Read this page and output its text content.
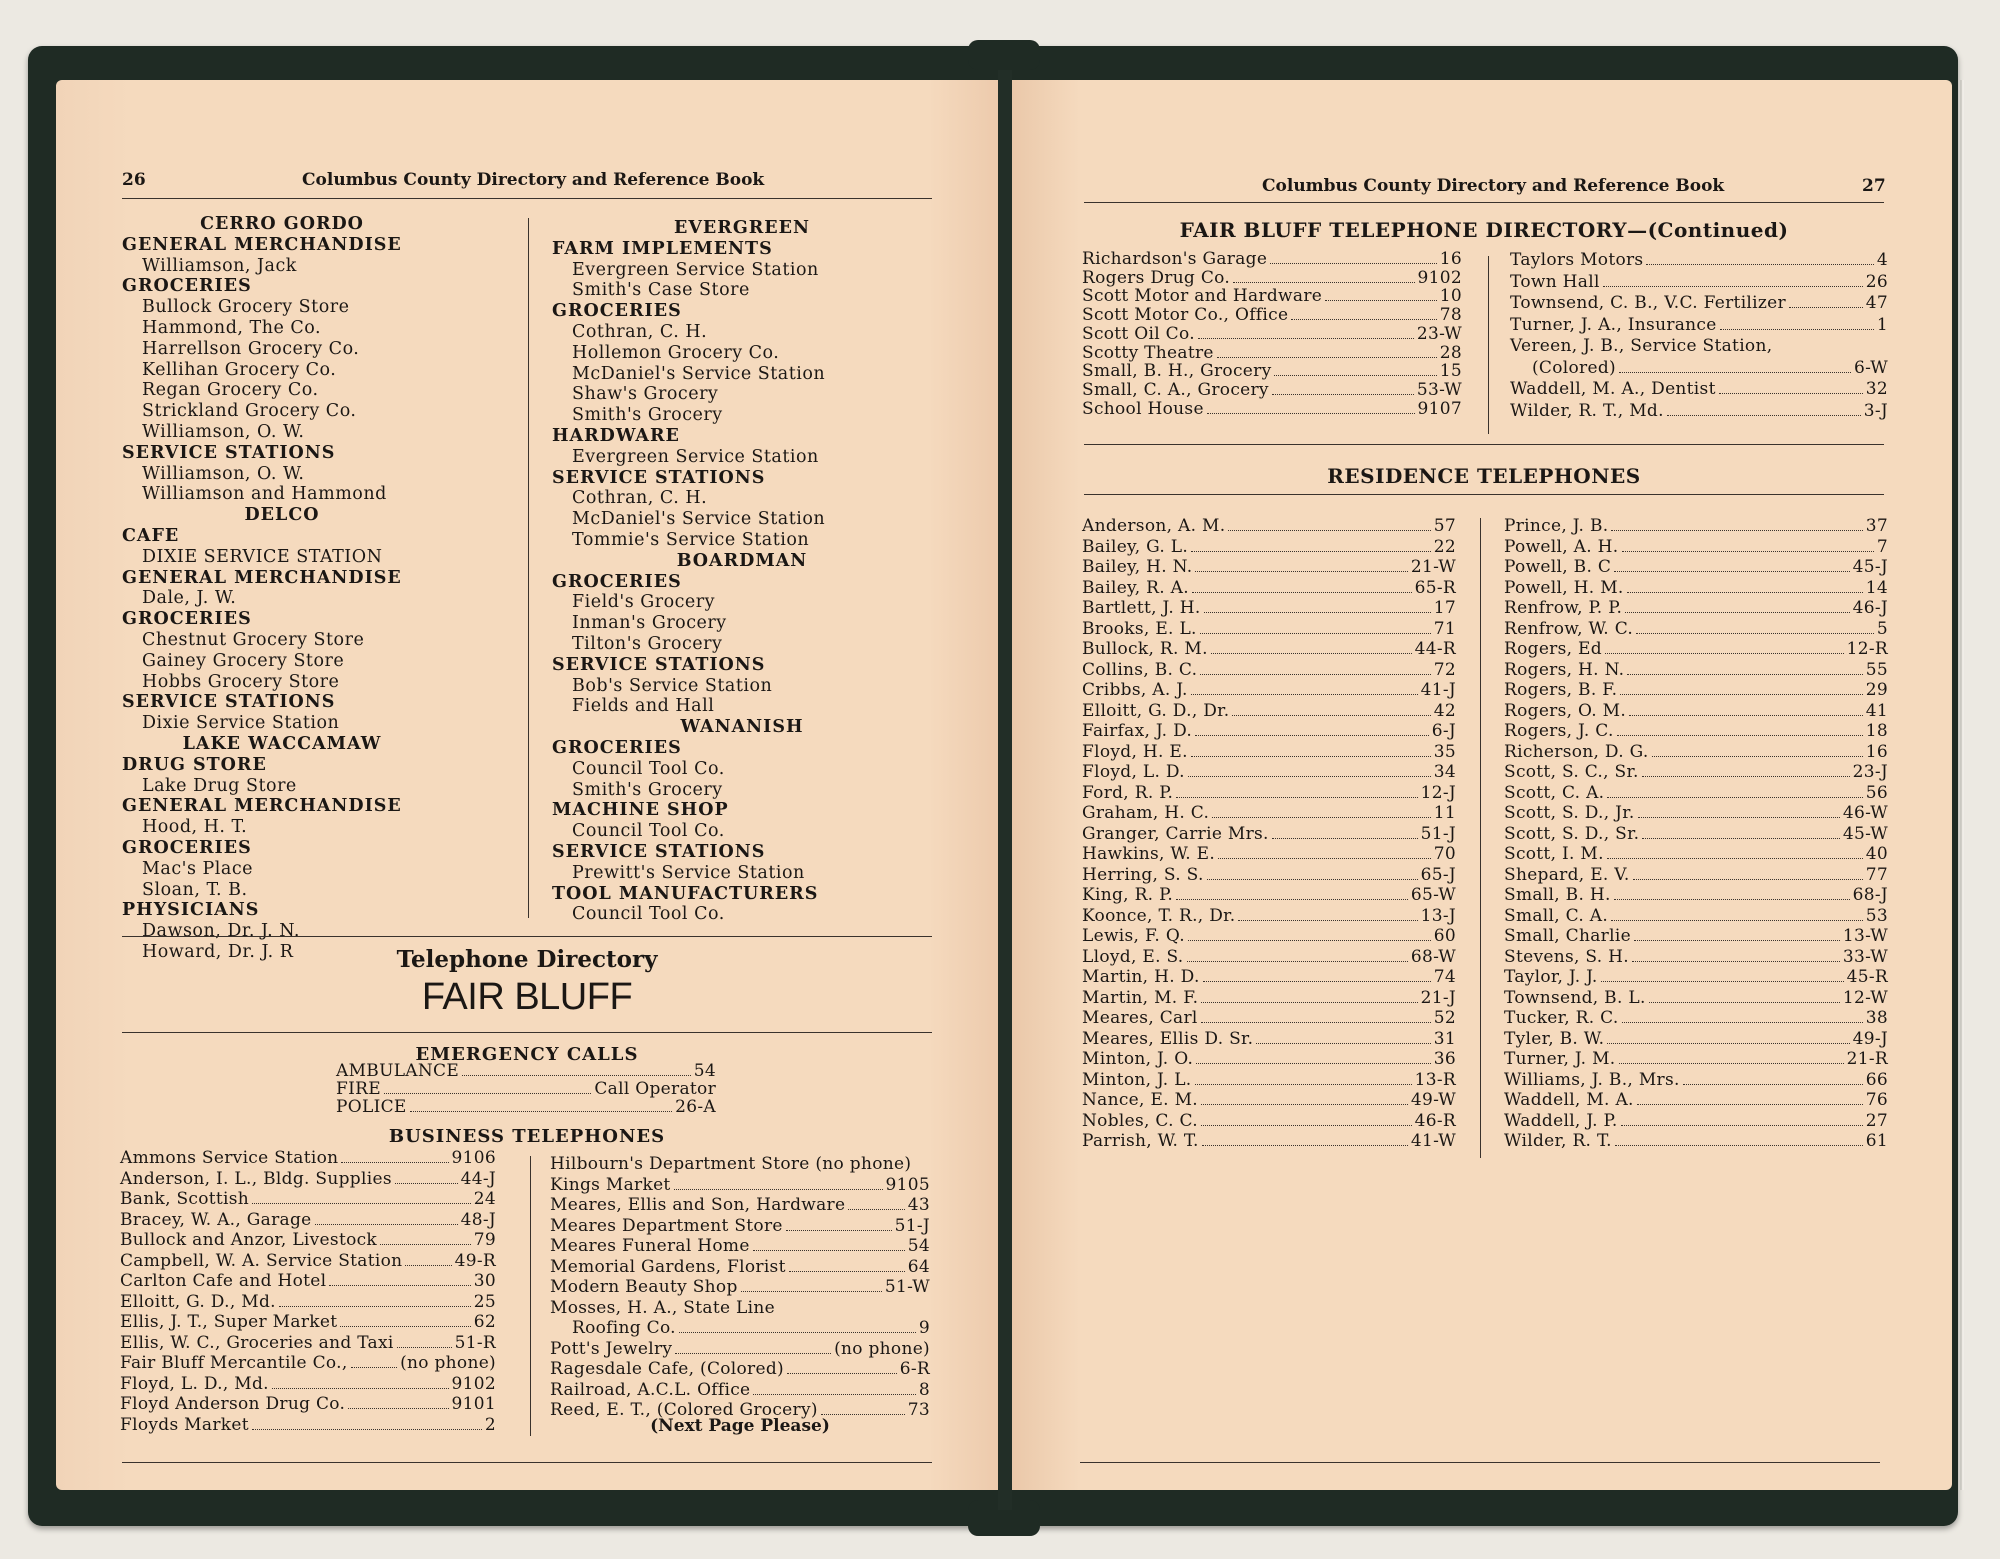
26	Columbus County Directory and Reference Book
CERRO GORDO
GENERAL MERCHANDISE
Williamson, Jack
GROCERIES
Bullock Grocery Store
Hammond, The Co.
Harrellson Grocery Co.
Kellihan Grocery Co.
Regan Grocery Co.
Strickland Grocery Co.
Williamson, O. W.
SERVICE STATIONS
Williamson, O. W.
Williamson and Hammond
DELCO
CAFE
DIXIE SERVICE STATION
GENERAL MERCHANDISE
Dale, J. W.
GROCERIES
Chestnut Grocery Store
Gainey Grocery Store
Hobbs Grocery Store
SERVICE STATIONS
Dixie Service Station
LAKE WACCAMAW
DRUG STORE
Lake Drug Store
GENERAL MERCHANDISE
Hood, H. T.
GROCERIES
Mac's Place
Sloan, T. B.
PHYSICIANS
Dawson, Dr. J. N.
Howard, Dr. J. R
EVERGREEN
FARM IMPLEMENTS
Evergreen Service Station
Smith's Case Store
GROCERIES
Cothran, C. H.
Hollemon Grocery Co.
McDaniel's Service Station
Shaw's Grocery
Smith's Grocery
HARDWARE
Evergreen Service Station
SERVICE STATIONS
Cothran, C. H.
McDaniel's Service Station
Tommie's Service Station
BOARDMAN
GROCERIES
Field's Grocery
Inman's Grocery
Tilton's Grocery
SERVICE STATIONS
Bob's Service Station
Fields and Hall
WANANISH
GROCERIES
Council Tool Co.
Smith's Grocery
MACHINE SHOP
Council Tool Co.
SERVICE STATIONS
Prewitt's Service Station
TOOL MANUFACTURERS
Council Tool Co.
Telephone Directory
FAIR BLUFF
EMERGENCY CALLS
AMBULANCE	54
FIRE	Call Operator
POLICE	26-A
BUSINESS TELEPHONES
Ammons Service Station	9106
Anderson, I. L., Bldg. Supplies	44-J
Bank, Scottish	24
Bracey, W. A., Garage	48-J
Bullock and Anzor, Livestock	79
Campbell, W. A. Service Station	49-R
Carlton Cafe and Hotel	30
Elloitt, G. D., Md.	25
Ellis, J. T., Super Market	62
Ellis, W. C., Groceries and Taxi	51-R
Fair Bluff Mercantile Co.,	(no phone)
Floyd, L. D., Md.	9102
Floyd Anderson Drug Co.	9101
Floyds Market	2
Hilbourn's Department Store (no phone)
Kings Market	9105
Meares, Ellis and Son, Hardware	43
Meares Department Store	51-J
Meares Funeral Home	54
Memorial Gardens, Florist	64
Modern Beauty Shop	51-W
Mosses, H. A., State Line
Roofing Co.	9
Pott's Jewelry	(no phone)
Ragesdale Cafe, (Colored)	6-R
Railroad, A.C.L. Office	8
Reed, E. T., (Colored Grocery)	73
(Next Page Please)
Columbus County Directory and Reference Book	27
FAIR BLUFF TELEPHONE DIRECTORY—(Continued)
Richardson's Garage	16
Rogers Drug Co.	9102
Scott Motor and Hardware	10
Scott Motor Co., Office	78
Scott Oil Co.	23-W
Scotty Theatre	28
Small, B. H., Grocery	15
Small, C. A., Grocery	53-W
School House	9107
Taylors Motors	4
Town Hall	26
Townsend, C. B., V.C. Fertilizer	47
Turner, J. A., Insurance	1
Vereen, J. B., Service Station,
(Colored)	6-W
Waddell, M. A., Dentist	32
Wilder, R. T., Md.	3-J
RESIDENCE TELEPHONES
Anderson, A. M.	57
Bailey, G. L.	22
Bailey, H. N.	21-W
Bailey, R. A.	65-R
Bartlett, J. H.	17
Brooks, E. L.	71
Bullock, R. M.	44-R
Collins, B. C.	72
Cribbs, A. J.	41-J
Elloitt, G. D., Dr.	42
Fairfax, J. D.	6-J
Floyd, H. E.	35
Floyd, L. D.	34
Ford, R. P.	12-J
Graham, H. C.	11
Granger, Carrie Mrs.	51-J
Hawkins, W. E.	70
Herring, S. S.	65-J
King, R. P.	65-W
Koonce, T. R., Dr.	13-J
Lewis, F. Q.	60
Lloyd, E. S.	68-W
Martin, H. D.	74
Martin, M. F.	21-J
Meares, Carl	52
Meares, Ellis D. Sr.	31
Minton, J. O.	36
Minton, J. L.	13-R
Nance, E. M.	49-W
Nobles, C. C.	46-R
Parrish, W. T.	41-W
Prince, J. B.	37
Powell, A. H.	7
Powell, B. C	45-J
Powell, H. M.	14
Renfrow, P. P.	46-J
Renfrow, W. C.	5
Rogers, Ed	12-R
Rogers, H. N.	55
Rogers, B. F.	29
Rogers, O. M.	41
Rogers, J. C.	18
Richerson, D. G.	16
Scott, S. C., Sr.	23-J
Scott, C. A.	56
Scott, S. D., Jr.	46-W
Scott, S. D., Sr.	45-W
Scott, I. M.	40
Shepard, E. V.	77
Small, B. H.	68-J
Small, C. A.	53
Small, Charlie	13-W
Stevens, S. H.	33-W
Taylor, J. J.	45-R
Townsend, B. L.	12-W
Tucker, R. C.	38
Tyler, B. W.	49-J
Turner, J. M.	21-R
Williams, J. B., Mrs.	66
Waddell, M. A.	76
Waddell, J. P.	27
Wilder, R. T.	61
